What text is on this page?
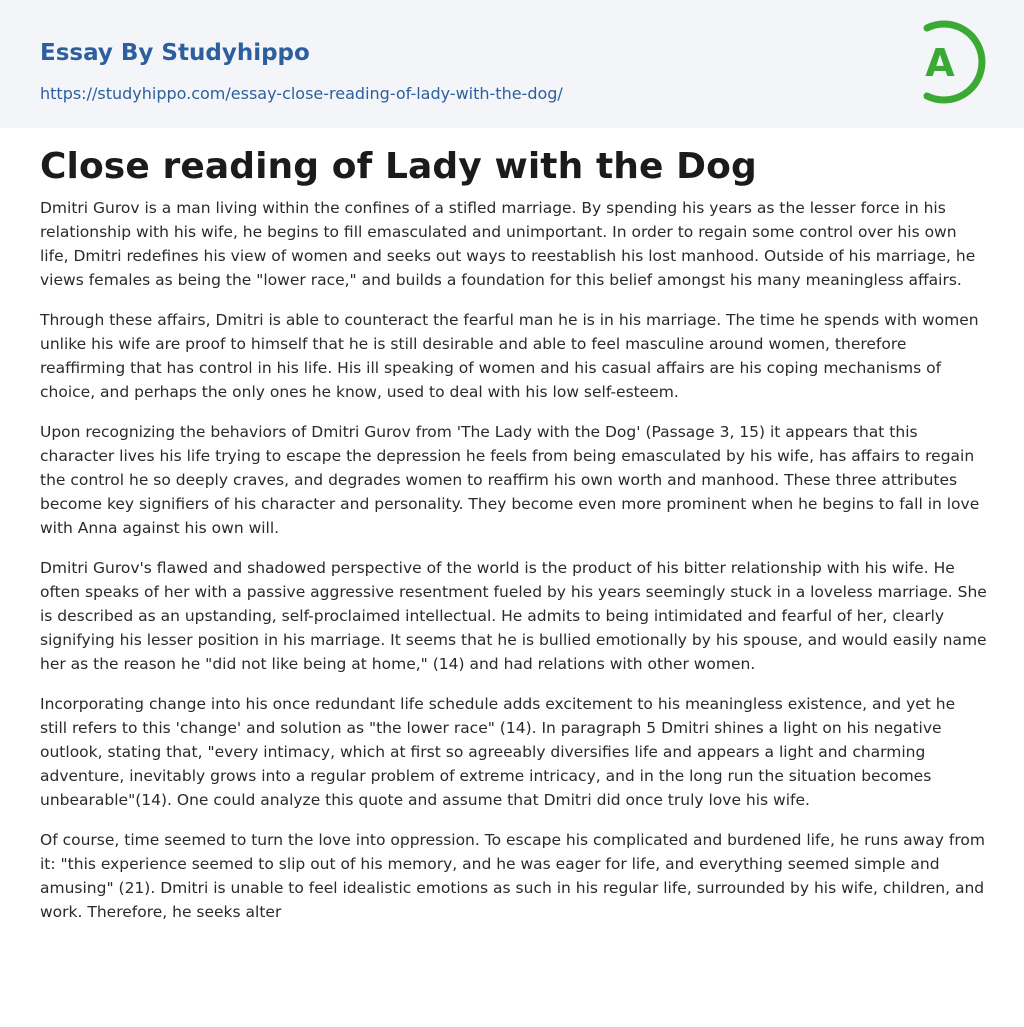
Essay By Studyhippo
https://studyhippo.com/essay-close-reading-of-lady-with-the-dog/
A
Close reading of Lady with the Dog

Dmitri Gurov is a man living within the confines of a stifled marriage. By spending his years as the lesser force in his relationship with his wife, he begins to fill emasculated and unimportant. In order to regain some control over his own life, Dmitri redefines his view of women and seeks out ways to reestablish his lost manhood. Outside of his marriage, he views females as being the "lower race," and builds a foundation for this belief amongst his many meaningless affairs.

Through these affairs, Dmitri is able to counteract the fearful man he is in his marriage. The time he spends with women unlike his wife are proof to himself that he is still desirable and able to feel masculine around women, therefore reaffirming that has control in his life. His ill speaking of women and his casual affairs are his coping mechanisms of choice, and perhaps the only ones he know, used to deal with his low self-esteem.

Upon recognizing the behaviors of Dmitri Gurov from 'The Lady with the Dog' (Passage 3, 15) it appears that this character lives his life trying to escape the depression he feels from being emasculated by his wife, has affairs to regain the control he so deeply craves, and degrades women to reaffirm his own worth and manhood. These three attributes become key signifiers of his character and personality. They become even more prominent when he begins to fall in love with Anna against his own will.

Dmitri Gurov's flawed and shadowed perspective of the world is the product of his bitter relationship with his wife. He often speaks of her with a passive aggressive resentment fueled by his years seemingly stuck in a loveless marriage. She is described as an upstanding, self-proclaimed intellectual. He admits to being intimidated and fearful of her, clearly signifying his lesser position in his marriage. It seems that he is bullied emotionally by his spouse, and would easily name her as the reason he "did not like being at home," (14) and had relations with other women.

Incorporating change into his once redundant life schedule adds excitement to his meaningless existence, and yet he still refers to this 'change' and solution as "the lower race" (14). In paragraph 5 Dmitri shines a light on his negative outlook, stating that, "every intimacy, which at first so agreeably diversifies life and appears a light and charming adventure, inevitably grows into a regular problem of extreme intricacy, and in the long run the situation becomes unbearable"(14). One could analyze this quote and assume that Dmitri did once truly love his wife.

Of course, time seemed to turn the love into oppression. To escape his complicated and burdened life, he runs away from it: "this experience seemed to slip out of his memory, and he was eager for life, and everything seemed simple and amusing" (21). Dmitri is unable to feel idealistic emotions as such in his regular life, surrounded by his wife, children, and work. Therefore, he seeks alter
